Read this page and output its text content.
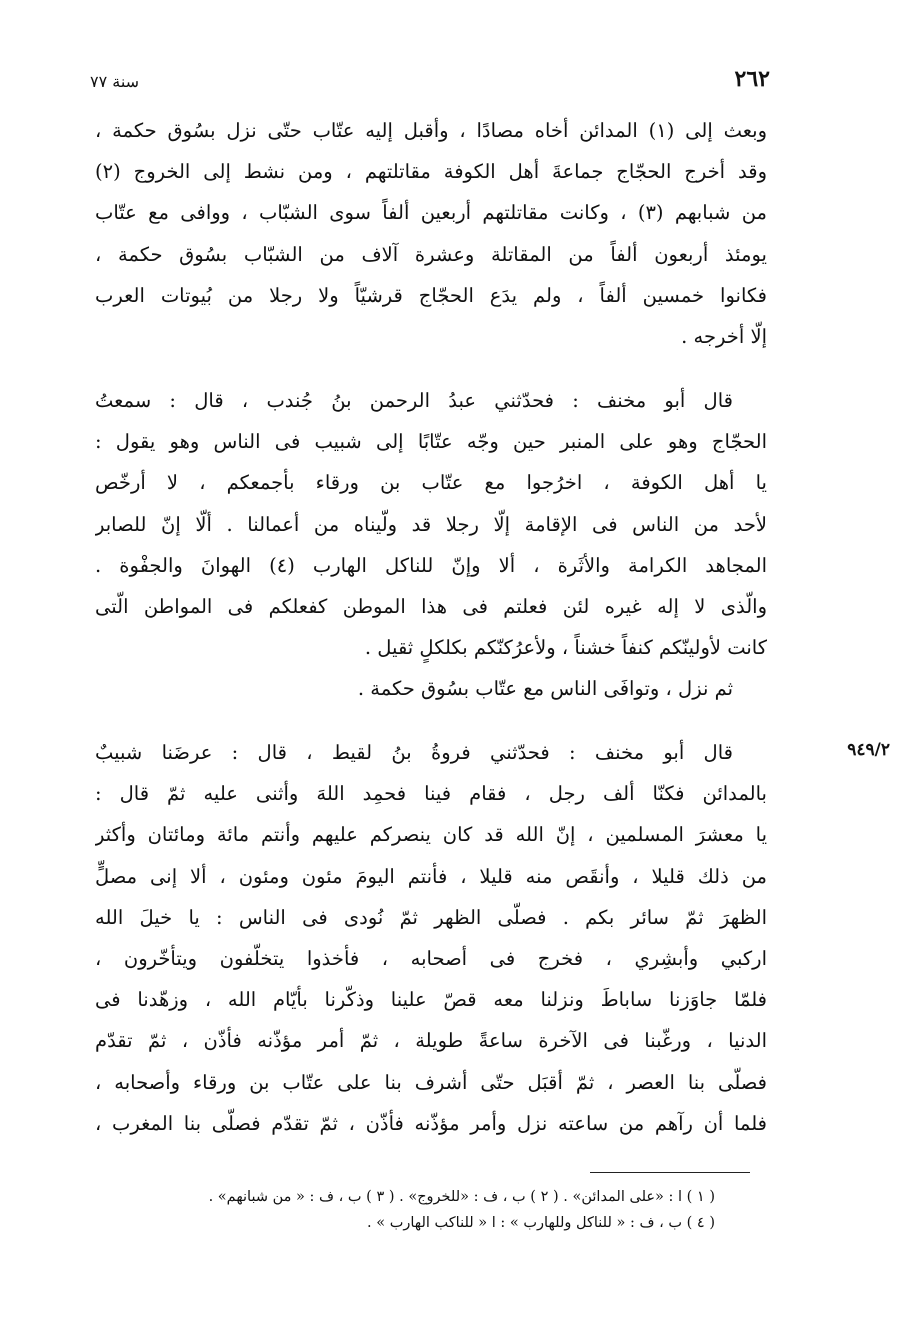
٢٦٢
سنة ٧٧
وبعث إلى (١) المدائن أخاه مصادًا ، وأقبل إليه عتّاب حتّى نزل بسُوق حكمة ،
وقد أخرج الحجّاج جماعةَ أهل الكوفة مقاتلتهم ، ومن نشط إلى الخروج (٢)
من شبابهم (٣) ، وكانت مقاتلتهم أربعين ألفاً سوى الشبّاب ، ووافى مع عتّاب
يومئذ أربعون ألفاً من المقاتلة وعشرة آلاف من الشبّاب بسُوق حكمة ،
فكانوا خمسين ألفاً ، ولم يدَع الحجّاج قرشيّاً ولا رجلا من بُيوتات العرب
إلّا أخرجه .
قال أبو مخنف : فحدّثني عبدُ الرحمن بنُ جُندب ، قال : سمعتُ
الحجّاج وهو على المنبر حين وجّه عتّابًا إلى شبيب فى الناس وهو يقول :
يا أهل الكوفة ، اخرُجوا مع عتّاب بن ورقاء بأجمعكم ، لا أرخّص
لأحد من الناس فى الإقامة إلّا رجلا قد ولّيناه من أعمالنا . ألّا إنّ للصابر
المجاهد الكرامة والأثَرة ، ألا وإنّ للناكل الهارب (٤) الهوانَ والجفْوة .
والّذى لا إله غيره لئن فعلتم فى هذا الموطن كفعلكم فى المواطن الّتى
كانت لأولينّكم كنفاً خشناً ، ولأعرُكنّكم بكلكلٍ ثقيل .
ثم نزل ، وتوافَى الناس مع عتّاب بسُوق حكمة .
٩٤٩/٢
قال أبو مخنف : فحدّثني فروةُ بنُ لقيط ، قال : عرضَنا شبيبٌ
بالمدائن فكنّا ألف رجل ، فقام فينا فحمِد اللهَ وأثنى عليه ثمّ قال :
يا معشرَ المسلمين ، إنّ الله قد كان ينصركم عليهم وأنتم مائة ومائتان وأكثر
من ذلك قليلا ، وأنقَص منه قليلا ، فأنتم اليومَ مئون ومئون ، ألا إنى مصلٍّ
الظهرَ ثمّ سائر بكم . فصلّى الظهر ثمّ نُودى فى الناس : يا خيلَ الله
اركبي وأبشِري ، فخرج فى أصحابه ، فأخذوا يتخلّفون ويتأخّرون ،
فلمّا جاوَزنا ساباطَ ونزلنا معه قصّ علينا وذكّرنا بأيّام الله ، وزهّدنا فى
الدنيا ، ورغّبنا فى الآخرة ساعةً طويلة ، ثمّ أمر مؤذّنه فأذّن ، ثمّ تقدّم
فصلّى بنا العصر ، ثمّ أقبَل حتّى أشرف بنا على عتّاب بن ورقاء وأصحابه ،
فلما أن رآهم من ساعته نزل وأمر مؤذّنه فأذّن ، ثمّ تقدّم فصلّى بنا المغرب ،
( ١ ) ا : «على المدائن» . ( ٢ ) ب ، ف : «للخروج» . ( ٣ ) ب ، ف : « من شبانهم» .
( ٤ ) ب ، ف : « للناكل وللهارب » : ا « للناكب الهارب » .
